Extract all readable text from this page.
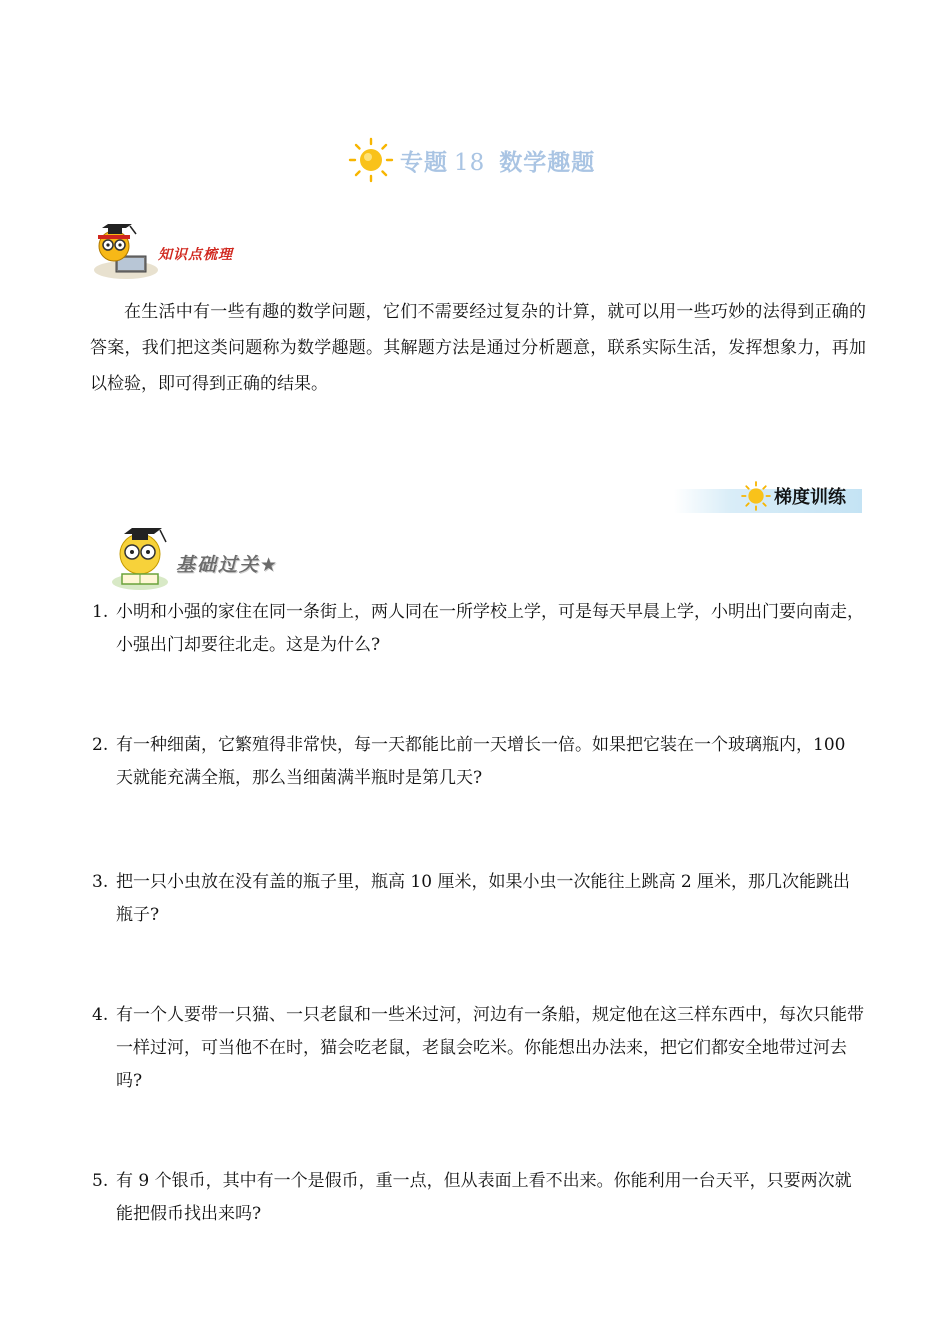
专题 18 数学趣题
知识点梳理
在生活中有一些有趣的数学问题，它们不需要经过复杂的计算，就可以用一些巧妙的法得到正确的答案，我们把这类问题称为数学趣题。其解题方法是通过分析题意，联系实际生活，发挥想象力，再加以检验，即可得到正确的结果。
梯度训练
基础过关★
1. 小明和小强的家住在同一条街上，两人同在一所学校上学，可是每天早晨上学，小明出门要向南走，小强出门却要往北走。这是为什么?
2. 有一种细菌，它繁殖得非常快，每一天都能比前一天增长一倍。如果把它装在一个玻璃瓶内，100 天就能充满全瓶，那么当细菌满半瓶时是第几天?
3. 把一只小虫放在没有盖的瓶子里，瓶高 10 厘米，如果小虫一次能往上跳高 2 厘米，那几次能跳出瓶子?
4. 有一个人要带一只猫、一只老鼠和一些米过河，河边有一条船，规定他在这三样东西中，每次只能带一样过河，可当他不在时，猫会吃老鼠，老鼠会吃米。你能想出办法来，把它们都安全地带过河去吗?
5. 有 9 个银币，其中有一个是假币，重一点，但从表面上看不出来。你能利用一台天平，只要两次就能把假币找出来吗?
